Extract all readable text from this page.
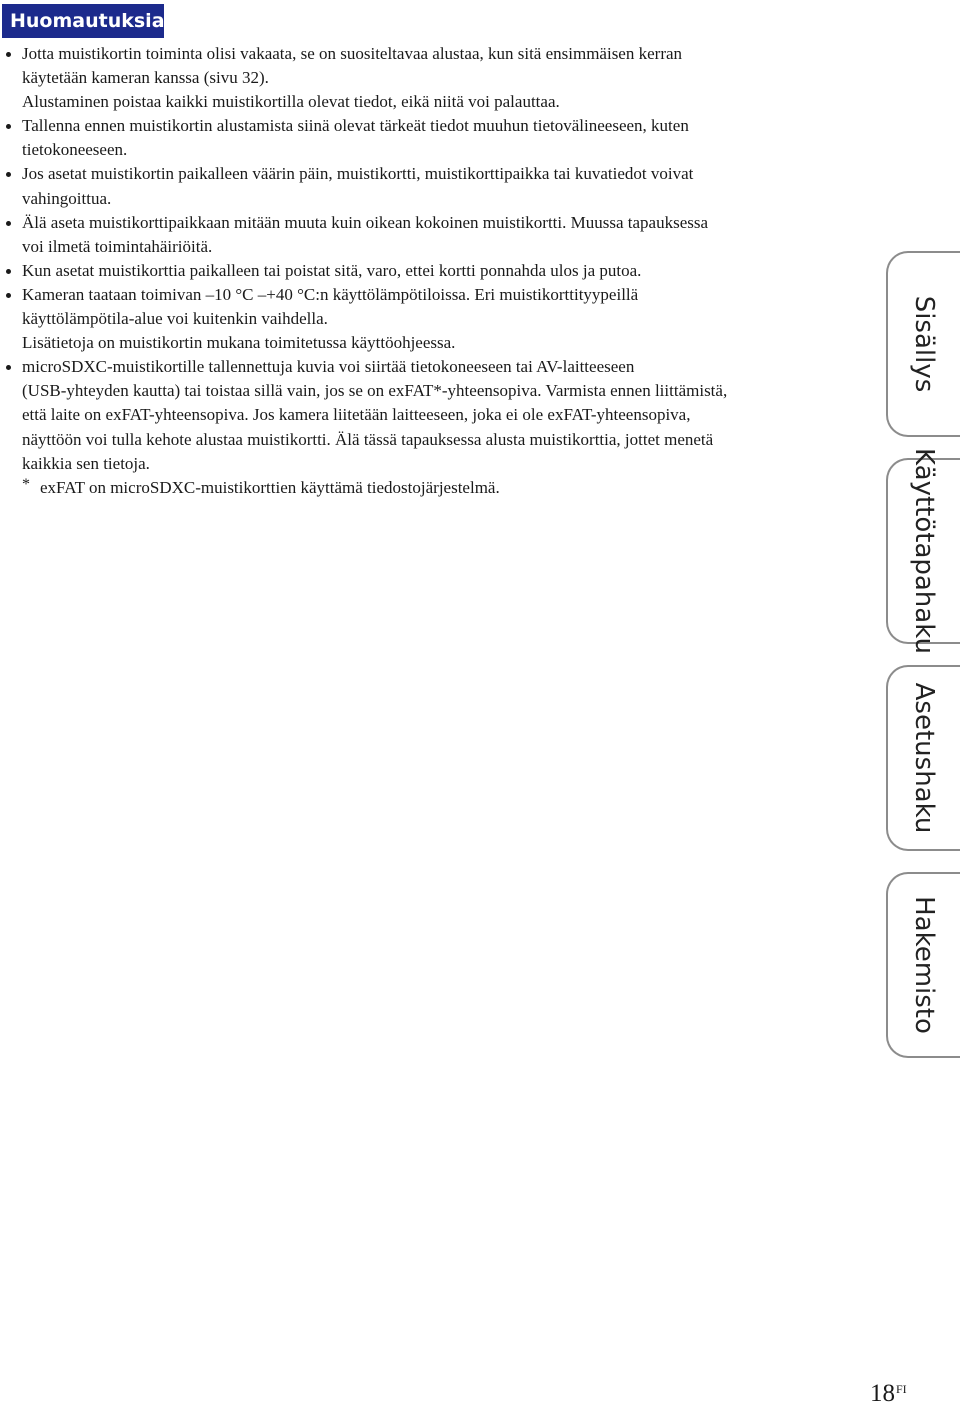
Huomautuksia

Jotta muistikortin toiminta olisi vakaata, se on suositeltavaa alustaa, kun sitä ensimmäisen kerran

käytetään kameran kanssa (sivu 32).

Alustaminen poistaa kaikki muistikortilla olevat tiedot, eikä niitä voi palauttaa.

Tallenna ennen muistikortin alustamista siinä olevat tärkeät tiedot muuhun tietovälineeseen, kuten

tietokoneeseen.

Jos asetat muistikortin paikalleen väärin päin, muistikortti, muistikorttipaikka tai kuvatiedot voivat

vahingoittua.

Älä aseta muistikorttipaikkaan mitään muuta kuin oikean kokoinen muistikortti. Muussa tapauksessa

voi ilmetä toimintahäiriöitä.

Kun asetat muistikorttia paikalleen tai poistat sitä, varo, ettei kortti ponnahda ulos ja putoa.

Kameran taataan toimivan –10 °C –+40 °C:n käyttölämpötiloissa. Eri muistikorttityypeillä

käyttölämpötila-alue voi kuitenkin vaihdella.

Lisätietoja on muistikortin mukana toimitetussa käyttöohjeessa.

microSDXC-muistikortille tallennettuja kuvia voi siirtää tietokoneeseen tai AV-laitteeseen

(USB-yhteyden kautta) tai toistaa sillä vain, jos se on exFAT*-yhteensopiva. Varmista ennen liittämistä,

että laite on exFAT-yhteensopiva. Jos kamera liitetään laitteeseen, joka ei ole exFAT-yhteensopiva,

näyttöön voi tulla kehote alustaa muistikortti. Älä tässä tapauksessa alusta muistikorttia, jottet menetä

kaikkia sen tietoja.

* exFAT on microSDXC-muistikorttien käyttämä tiedostojärjestelmä.

Sisällys
Käyttötapahaku
Asetushaku
Hakemisto
$18^{FI}$
